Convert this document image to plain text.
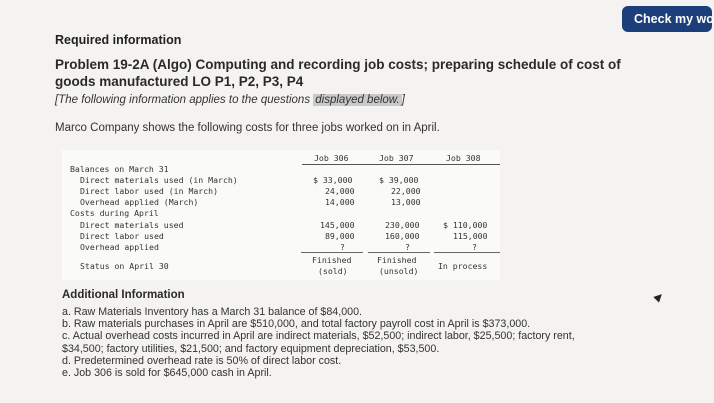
Check my wo
Required information
Problem 19-2A (Algo) Computing and recording job costs; preparing schedule of cost of goods manufactured LO P1, P2, P3, P4
[The following information applies to the questions displayed below. ]
Marco Company shows the following costs for three jobs worked on in April.
Job 306	Job 307	Job 308
Balances on March 31
Direct materials used (in March)
Direct labor used (in March)
Overhead applied (March)
Costs during April
Direct materials used
Direct labor used
Overhead applied
Status on April 30
$ 33,000
24,000
14,000
145,000
89,000
?
Finished
(sold)
$ 39,000
22,000
13,000
230,000
160,000
?
Finished
(unsold)
$ 110,000
115,000
?
In process
Additional Information
a. Raw Materials Inventory has a March 31 balance of $84,000.
b. Raw materials purchases in April are $510,000, and total factory payroll cost in April is $373,000.
c. Actual overhead costs incurred in April are indirect materials, $52,500; indirect labor, $25,500; factory rent,
$34,500; factory utilities, $21,500; and factory equipment depreciation, $53,500.
d. Predetermined overhead rate is 50% of direct labor cost.
e. Job 306 is sold for $645,000 cash in April.
